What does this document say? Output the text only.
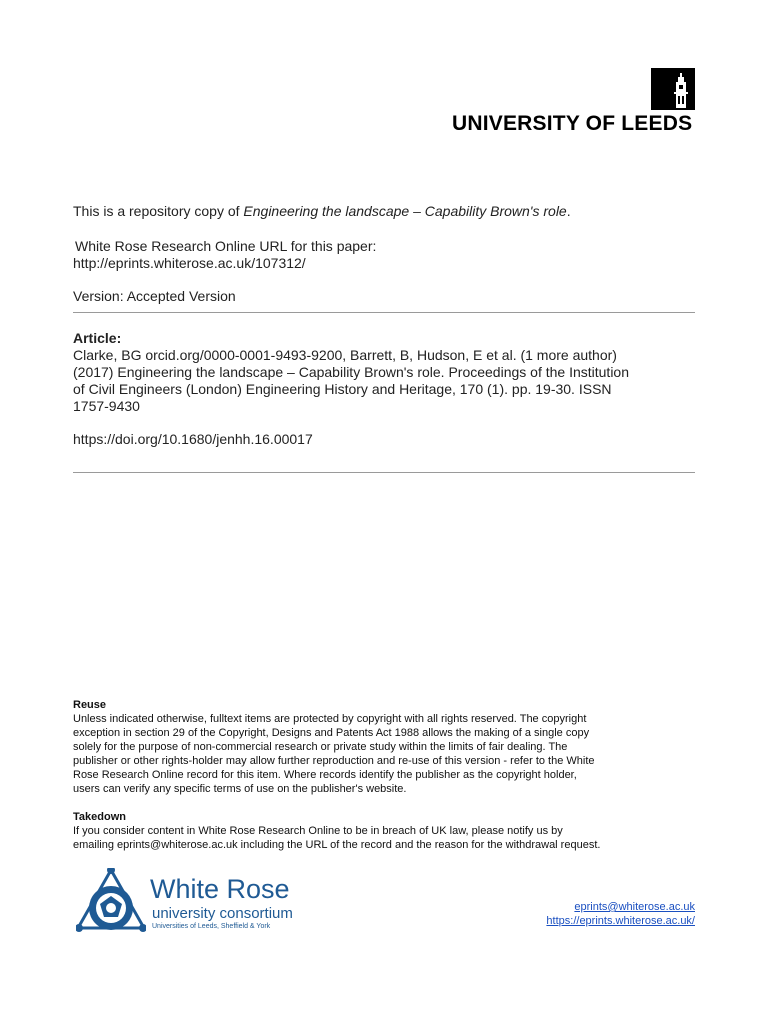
UNIVERSITY OF LEEDS
This is a repository copy of Engineering the landscape – Capability Brown's role.
White Rose Research Online URL for this paper:
http://eprints.whiterose.ac.uk/107312/
Version: Accepted Version
Article:
Clarke, BG orcid.org/0000-0001-9493-9200, Barrett, B, Hudson, E et al. (1 more author)
(2017) Engineering the landscape – Capability Brown's role. Proceedings of the Institution
of Civil Engineers (London) Engineering History and Heritage, 170 (1). pp. 19-30. ISSN
1757-9430
https://doi.org/10.1680/jenhh.16.00017
Reuse
Unless indicated otherwise, fulltext items are protected by copyright with all rights reserved. The copyright
exception in section 29 of the Copyright, Designs and Patents Act 1988 allows the making of a single copy
solely for the purpose of non-commercial research or private study within the limits of fair dealing. The
publisher or other rights-holder may allow further reproduction and re-use of this version - refer to the White
Rose Research Online record for this item. Where records identify the publisher as the copyright holder,
users can verify any specific terms of use on the publisher's website.
Takedown
If you consider content in White Rose Research Online to be in breach of UK law, please notify us by
emailing eprints@whiterose.ac.uk including the URL of the record and the reason for the withdrawal request.
White Rose
university consortium
Universities of Leeds, Sheffield & York
eprints@whiterose.ac.uk
https://eprints.whiterose.ac.uk/
